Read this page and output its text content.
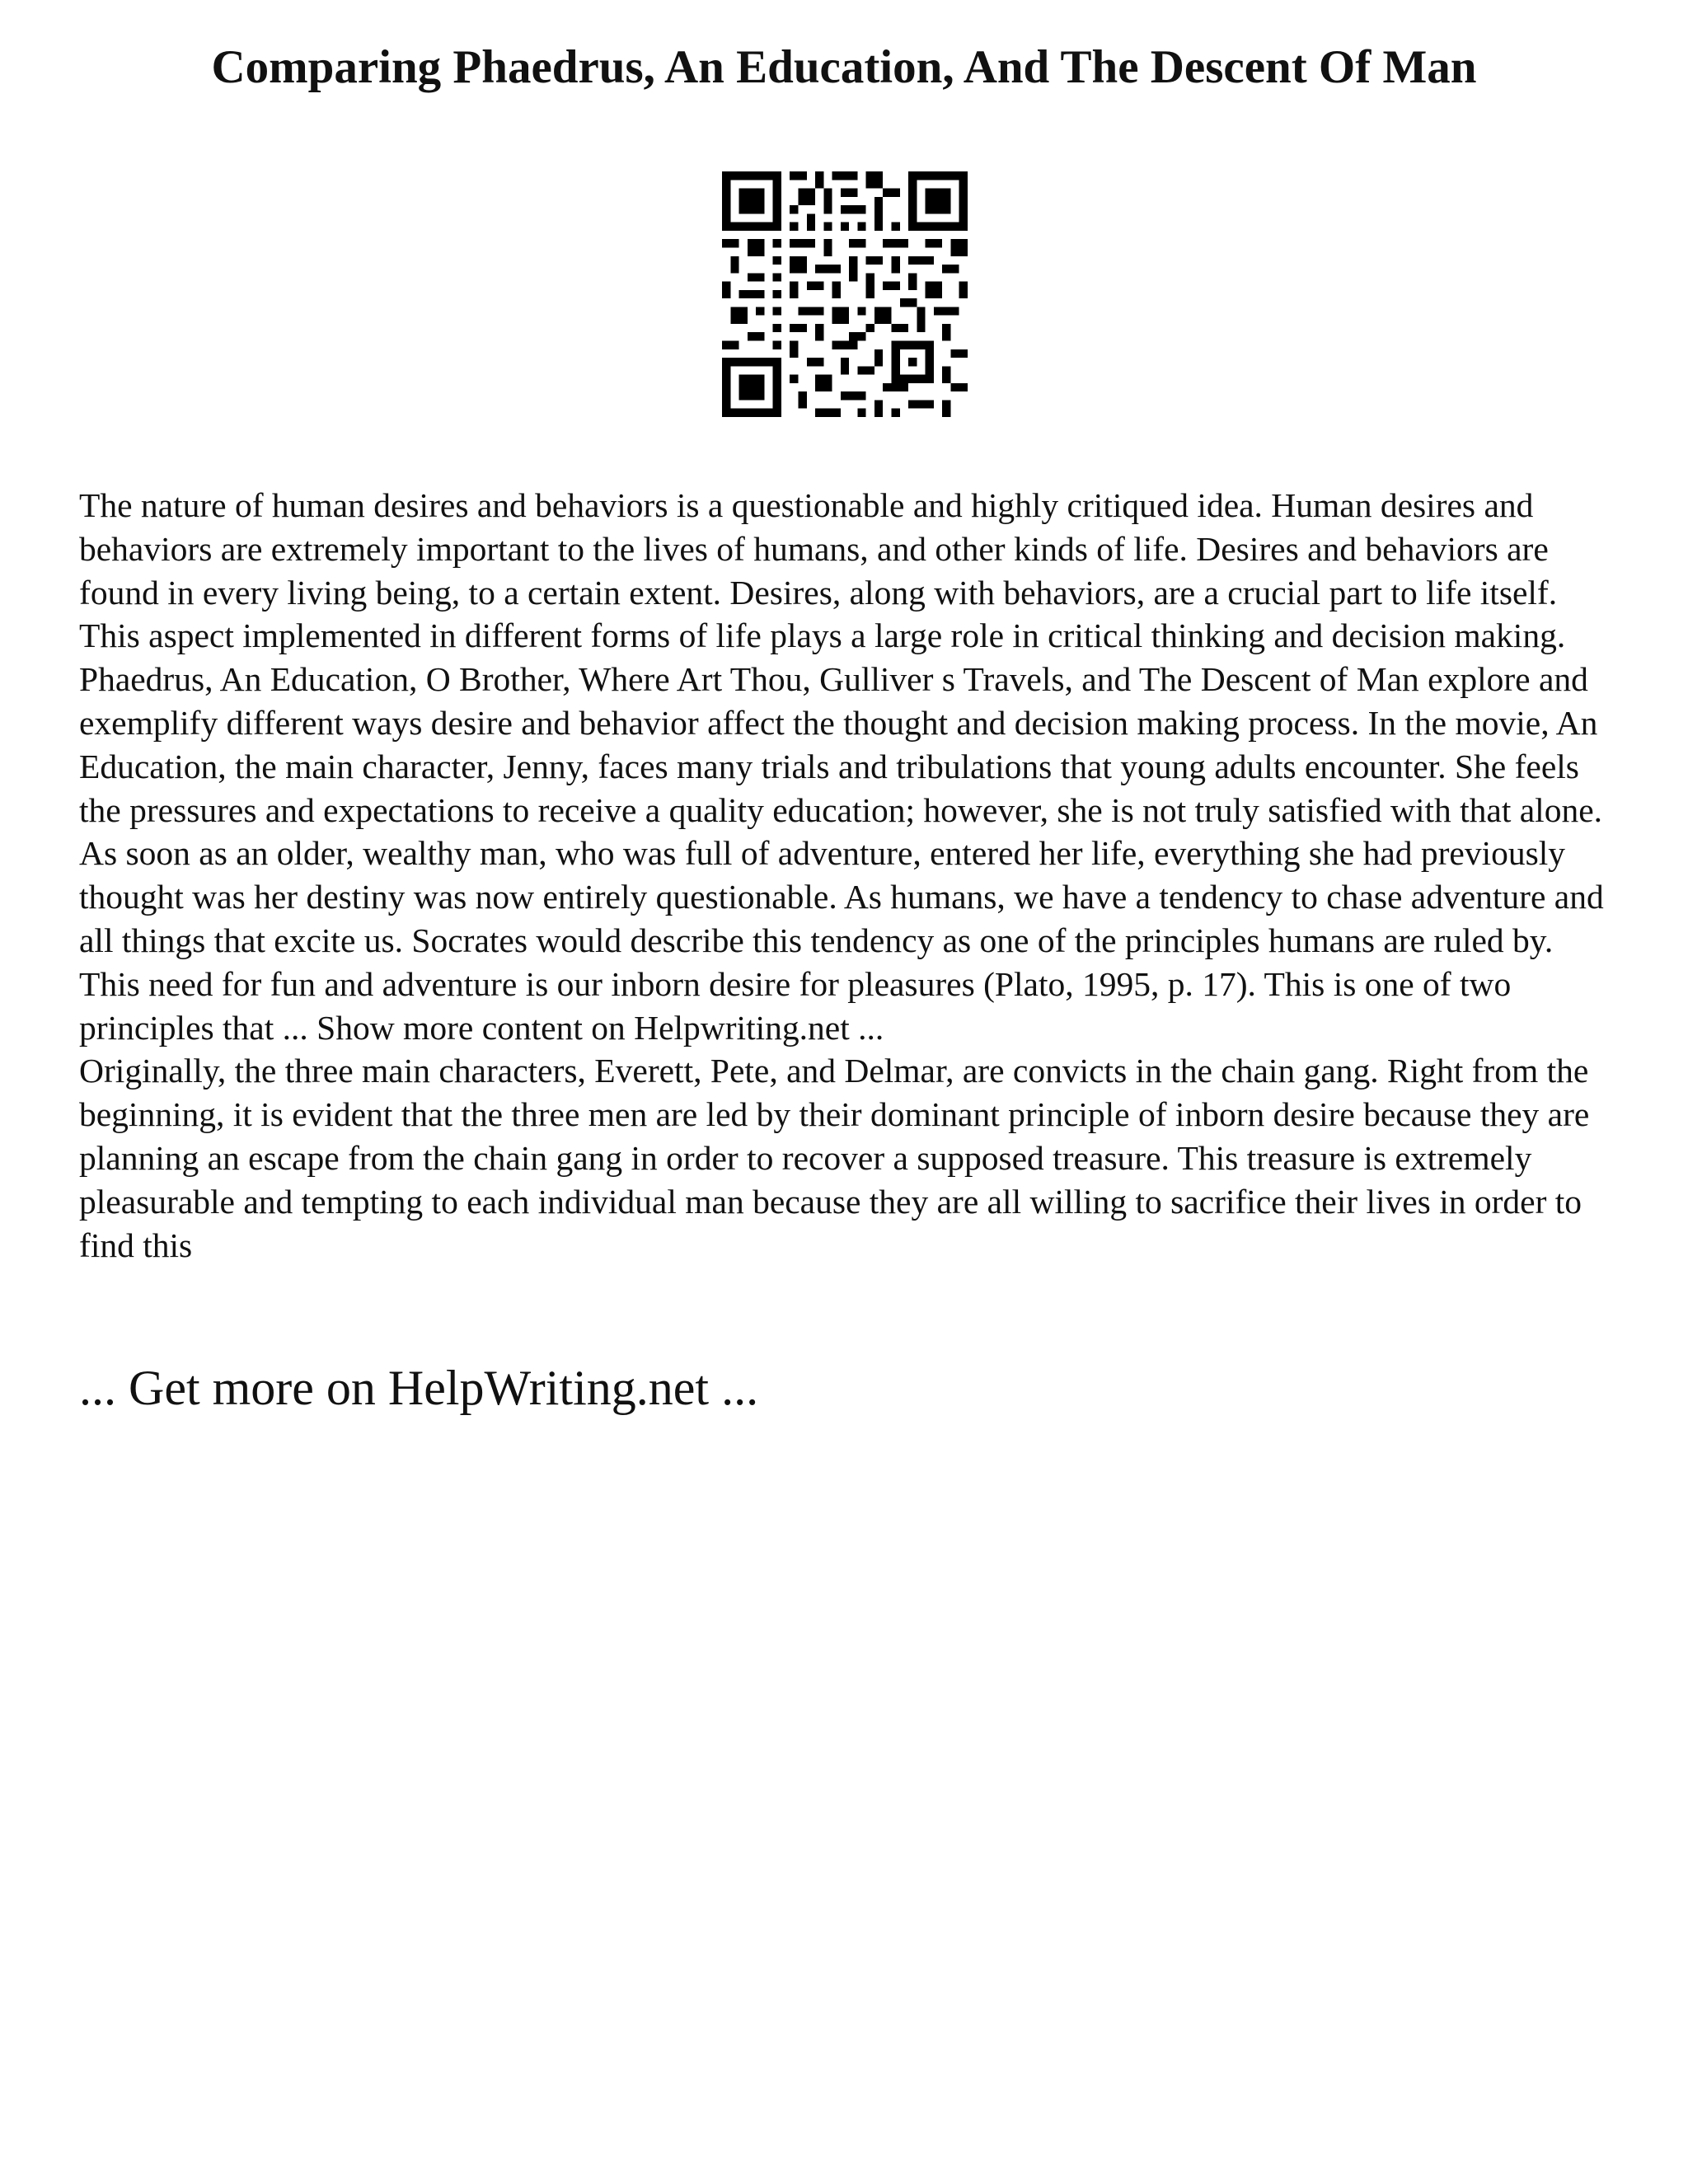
Comparing Phaedrus, An Education, And The Descent Of Man

The nature of human desires and behaviors is a questionable and highly critiqued idea. Human desires and behaviors are extremely important to the lives of humans, and other kinds of life. Desires and behaviors are found in every living being, to a certain extent. Desires, along with behaviors, are a crucial part to life itself. This aspect implemented in different forms of life plays a large role in critical thinking and decision making. Phaedrus, An Education, O Brother, Where Art Thou, Gulliver s Travels, and The Descent of Man explore and exemplify different ways desire and behavior affect the thought and decision making process. In the movie, An Education, the main character, Jenny, faces many trials and tribulations that young adults encounter. She feels the pressures and expectations to receive a quality education; however, she is not truly satisfied with that alone. As soon as an older, wealthy man, who was full of adventure, entered her life, everything she had previously thought was her destiny was now entirely questionable. As humans, we have a tendency to chase adventure and all things that excite us. Socrates would describe this tendency as one of the principles humans are ruled by. This need for fun and adventure is our inborn desire for pleasures (Plato, 1995, p. 17). This is one of two principles that ... Show more content on Helpwriting.net ...

Originally, the three main characters, Everett, Pete, and Delmar, are convicts in the chain gang. Right from the beginning, it is evident that the three men are led by their dominant principle of inborn desire because they are planning an escape from the chain gang in order to recover a supposed treasure. This treasure is extremely pleasurable and tempting to each individual man because they are all willing to sacrifice their lives in order to find this

... Get more on HelpWriting.net ...
